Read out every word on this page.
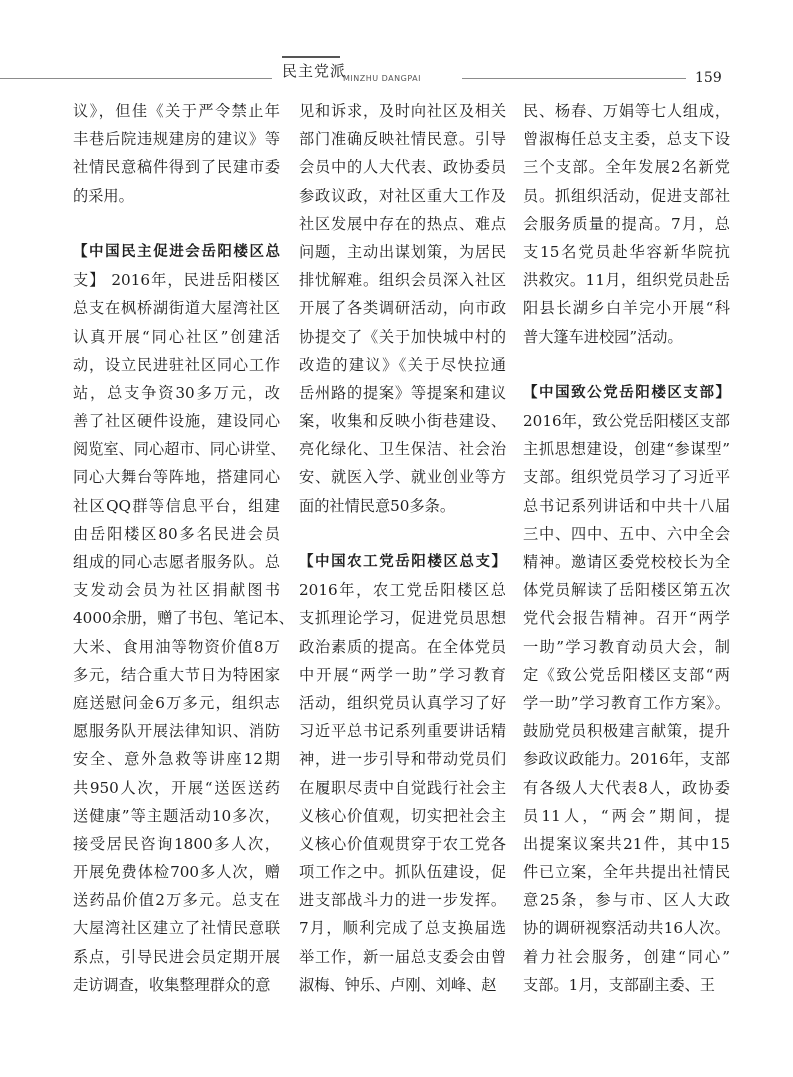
民主党派
MINZHU DANGPAI	159
议》，但佳《关于严令禁止年
丰巷后院违规建房的建议》等
社情民意稿件得到了民建市委
的采用。
【中国民主促进会岳阳楼区总
支】 2016年，民进岳阳楼区
总支在枫桥湖街道大屋湾社区
认真开展“同心社区”创建活
动，设立民进驻社区同心工作
站，总支争资30多万元，改
善了社区硬件设施，建设同心
阅览室、同心超市、同心讲堂、
同心大舞台等阵地，搭建同心
社区QQ群等信息平台，组建
由岳阳楼区80多名民进会员
组成的同心志愿者服务队。总
支发动会员为社区捐献图书
4000余册，赠了书包、笔记本、
大米、食用油等物资价值8万
多元，结合重大节日为特困家
庭送慰问金6万多元，组织志
愿服务队开展法律知识、消防
安全、意外急救等讲座12期
共950人次，开展“送医送药
送健康”等主题活动10多次，
接受居民咨询1800多人次，
开展免费体检700多人次，赠
送药品价值2万多元。总支在
大屋湾社区建立了社情民意联
系点，引导民进会员定期开展
走访调查，收集整理群众的意
见和诉求，及时向社区及相关
部门准确反映社情民意。引导
会员中的人大代表、政协委员
参政议政，对社区重大工作及
社区发展中存在的热点、难点
问题，主动出谋划策，为居民
排忧解难。组织会员深入社区
开展了各类调研活动，向市政
协提交了《关于加快城中村的
改造的建议》《关于尽快拉通
岳州路的提案》等提案和建议
案，收集和反映小街巷建设、
亮化绿化、卫生保洁、社会治
安、就医入学、就业创业等方
面的社情民意50多条。
【中国农工党岳阳楼区总支】
2016年，农工党岳阳楼区总
支抓理论学习，促进党员思想
政治素质的提高。在全体党员
中开展“两学一助”学习教育
活动，组织党员认真学习了好
习近平总书记系列重要讲话精
神，进一步引导和带动党员们
在履职尽责中自觉践行社会主
义核心价值观，切实把社会主
义核心价值观贯穿于农工党各
项工作之中。抓队伍建设，促
进支部战斗力的进一步发挥。
7月，顺利完成了总支换届选
举工作，新一届总支委会由曾
淑梅、钟乐、卢刚、刘峰、赵
民、杨春、万娟等七人组成，
曾淑梅任总支主委，总支下设
三个支部。全年发展2名新党
员。抓组织活动，促进支部社
会服务质量的提高。7月，总
支15名党员赴华容新华院抗
洪救灾。11月，组织党员赴岳
阳县长湖乡白羊完小开展“科
普大篷车进校园”活动。
【中国致公党岳阳楼区支部】
2016年，致公党岳阳楼区支部
主抓思想建设，创建“参谋型”
支部。组织党员学习了习近平
总书记系列讲话和中共十八届
三中、四中、五中、六中全会
精神。邀请区委党校校长为全
体党员解读了岳阳楼区第五次
党代会报告精神。召开“两学
一助”学习教育动员大会，制
定《致公党岳阳楼区支部“两
学一助”学习教育工作方案》。
鼓励党员积极建言献策，提升
参政议政能力。2016年，支部
有各级人大代表8人，政协委
员11人，“两会”期间，提
出提案议案共21件，其中15
件已立案，全年共提出社情民
意25条，参与市、区人大政
协的调研视察活动共16人次。
着力社会服务，创建“同心”
支部。1月，支部副主委、王
